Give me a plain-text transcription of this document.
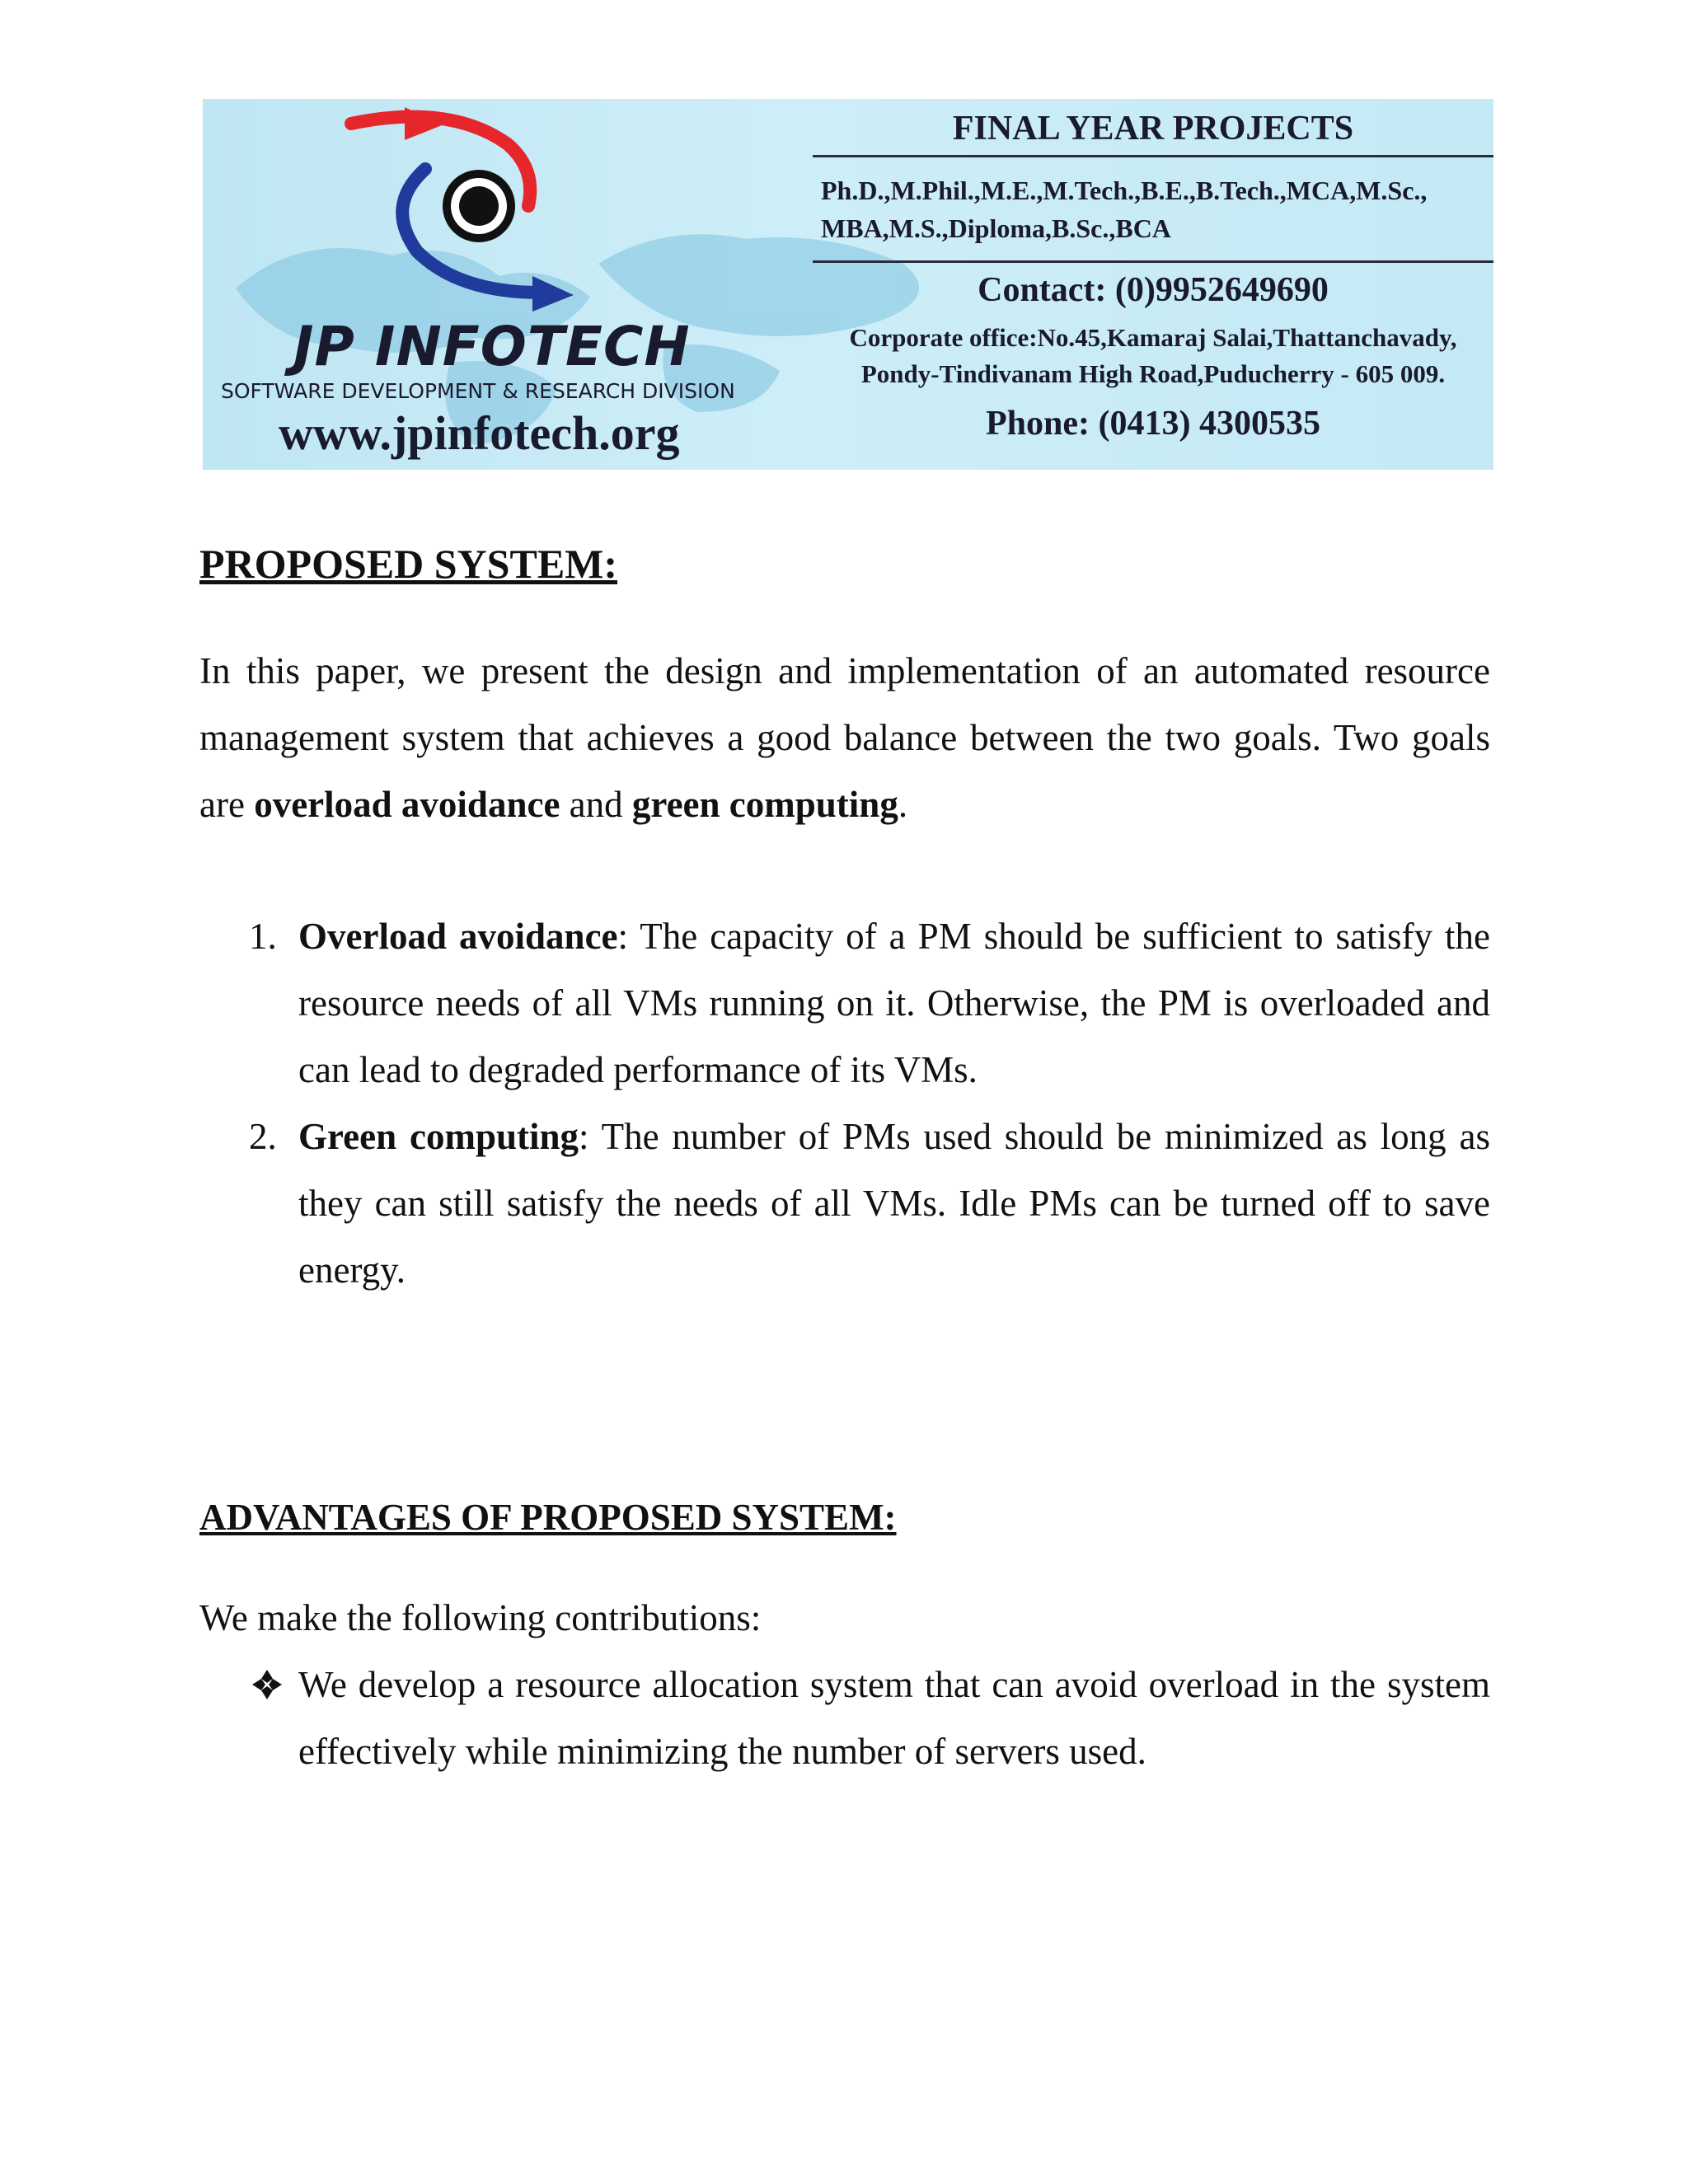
JP INFOTECH
SOFTWARE DEVELOPMENT & RESEARCH DIVISION
www.jpinfotech.org
FINAL YEAR PROJECTS
Ph.D.,M.Phil.,M.E.,M.Tech.,B.E.,B.Tech.,MCA,M.Sc., MBA,M.S.,Diploma,B.Sc.,BCA
Contact: (0)9952649690
Corporate office:No.45,Kamaraj Salai,Thattanchavady, Pondy-Tindivanam High Road,Puducherry - 605 009.
Phone: (0413) 4300535
PROPOSED SYSTEM:
In this paper, we present the design and implementation of an automated resource management system that achieves a good balance between the two goals. Two goals are overload avoidance and green computing.
1. Overload avoidance: The capacity of a PM should be sufficient to satisfy the resource needs of all VMs running on it. Otherwise, the PM is overloaded and can lead to degraded performance of its VMs.
2. Green computing: The number of PMs used should be minimized as long as they can still satisfy the needs of all VMs. Idle PMs can be turned off to save energy.
ADVANTAGES OF PROPOSED SYSTEM:
We make the following contributions:
We develop a resource allocation system that can avoid overload in the system effectively while minimizing the number of servers used.
